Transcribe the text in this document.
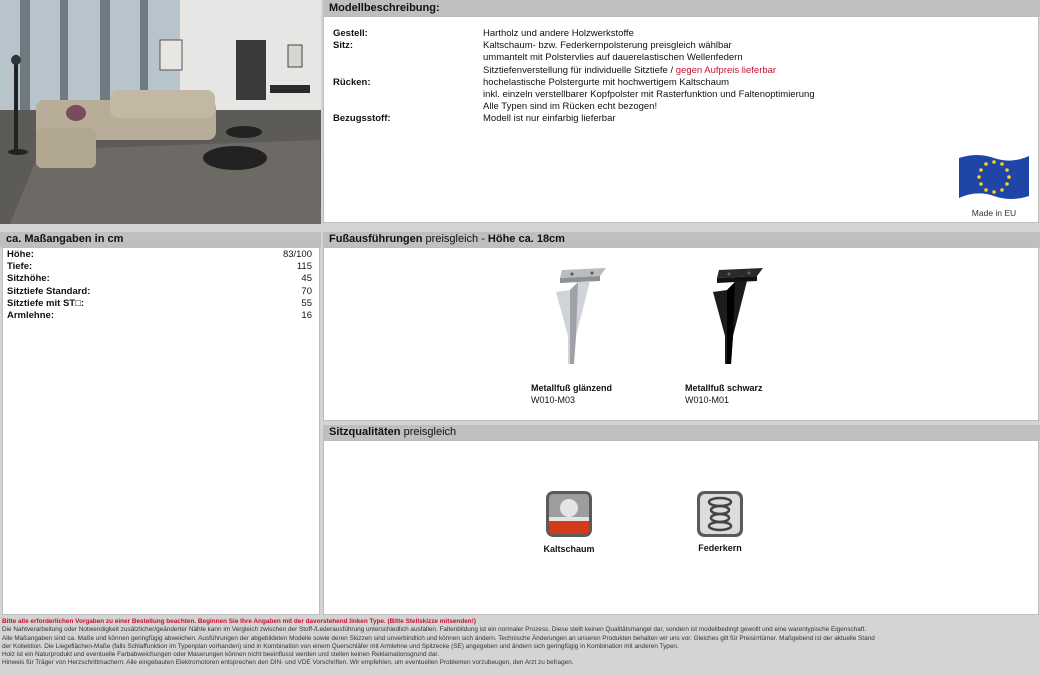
Modellbeschreibung:
Gestell:	Hartholz und andere Holzwerkstoffe
Sitz:	Kaltschaum- bzw. Federkernpolsterung preisgleich wählbar
ummantelt mit Polstervlies auf dauerelastischen Wellenfedern
Sitztiefenverstellung für individuelle Sitztiefe / gegen Aufpreis lieferbar
Rücken:	hochelastische Polstergurte mit hochwertigem Kaltschaum
inkl. einzeln verstellbarer Kopfpolster mit Rasterfunktion und Faltenoptimierung
Alle Typen sind im Rücken echt bezogen!
Bezugsstoff:	Modell ist nur einfarbig lieferbar
Made in EU
ca. Maßangaben in cm
Höhe:	83/100
Tiefe:	115
Sitzhöhe:	45
Sitztiefe Standard:	70
Sitztiefe mit ST□:	55
Armlehne:	16
Fußausführungen preisgleich - Höhe ca. 18cm
Metallfuß glänzend
W010-M03
Metallfuß schwarz
W010-M01
Sitzqualitäten preisgleich
Kaltschaum	Federkern
Bitte alle erforderlichen Vorgaben zu einer Bestellung beachten. Beginnen Sie Ihre Angaben mit der davorstehend linken Type. (Bitte Stellskizze mitsenden!)
Die Nahtverarbeitung oder Notwendigkeit zusätzlicher/geänderter Nähte kann im Vergleich zwischen der Stoff-/Lederausführung unterschiedlich ausfallen. Faltenbildung ist ein normaler Prozess. Diese stellt keinen Qualitätsmangel dar, sondern ist modellbedingt gewollt und eine warentypische Eigenschaft.
Alle Maßangaben sind ca. Maße und können geringfügig abweichen. Ausführungen der abgebildeten Modelle sowie deren Skizzen sind unverbindlich und können sich ändern. Technische Änderungen an unseren Produkten behalten wir uns vor. Gleiches gilt für Preisirrtümer. Maßgebend ist der aktuelle Stand
der Kollektion. Die Liegeflächen-Maße (falls Schlaffunktion im Typenplan vorhanden) sind in Kombination von einem Querschläfer mit Armlehne und Spitzecke (SE) angegeben und ändern sich geringfügig in Kombination mit anderen Typen.
Holz ist ein Naturprodukt und eventuelle Farbabweichungen oder Maserungen können nicht beeinflusst werden und stellen keinen Reklamationsgrund dar.
Hinweis für Träger von Herzschrittmachern: Alle eingebauten Elektromotoren entsprechen den DIN- und VDE Vorschriften. Wir empfehlen, um eventuellen Problemen vorzubeugen, den Arzt zu befragen.
